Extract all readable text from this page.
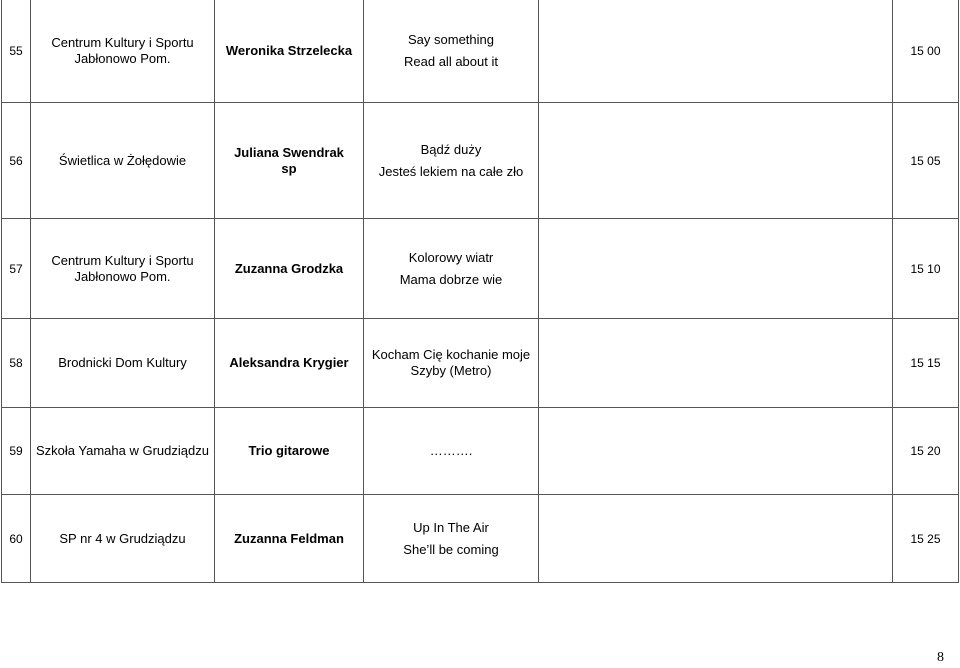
55	Centrum Kultury i Sportu
Jabłonowo Pom.	Weronika Strzelecka	Say something
Read all about it		15 00
56	Świetlica w Żołędowie	Juliana Swendrak
sp	Bądź duży
Jesteś lekiem na całe zło		15 05
57	Centrum Kultury i Sportu
Jabłonowo Pom.	Zuzanna Grodzka	Kolorowy wiatr
Mama dobrze wie		15 10
58	Brodnicki Dom Kultury	Aleksandra Krygier	Kocham Cię kochanie moje
Szyby (Metro)		15 15
59	Szkoła Yamaha w Grudziądzu	Trio gitarowe	……….		15 20
60	SP nr 4 w Grudziądzu	Zuzanna Feldman	Up In The Air
She’ll be coming		15 25
8
